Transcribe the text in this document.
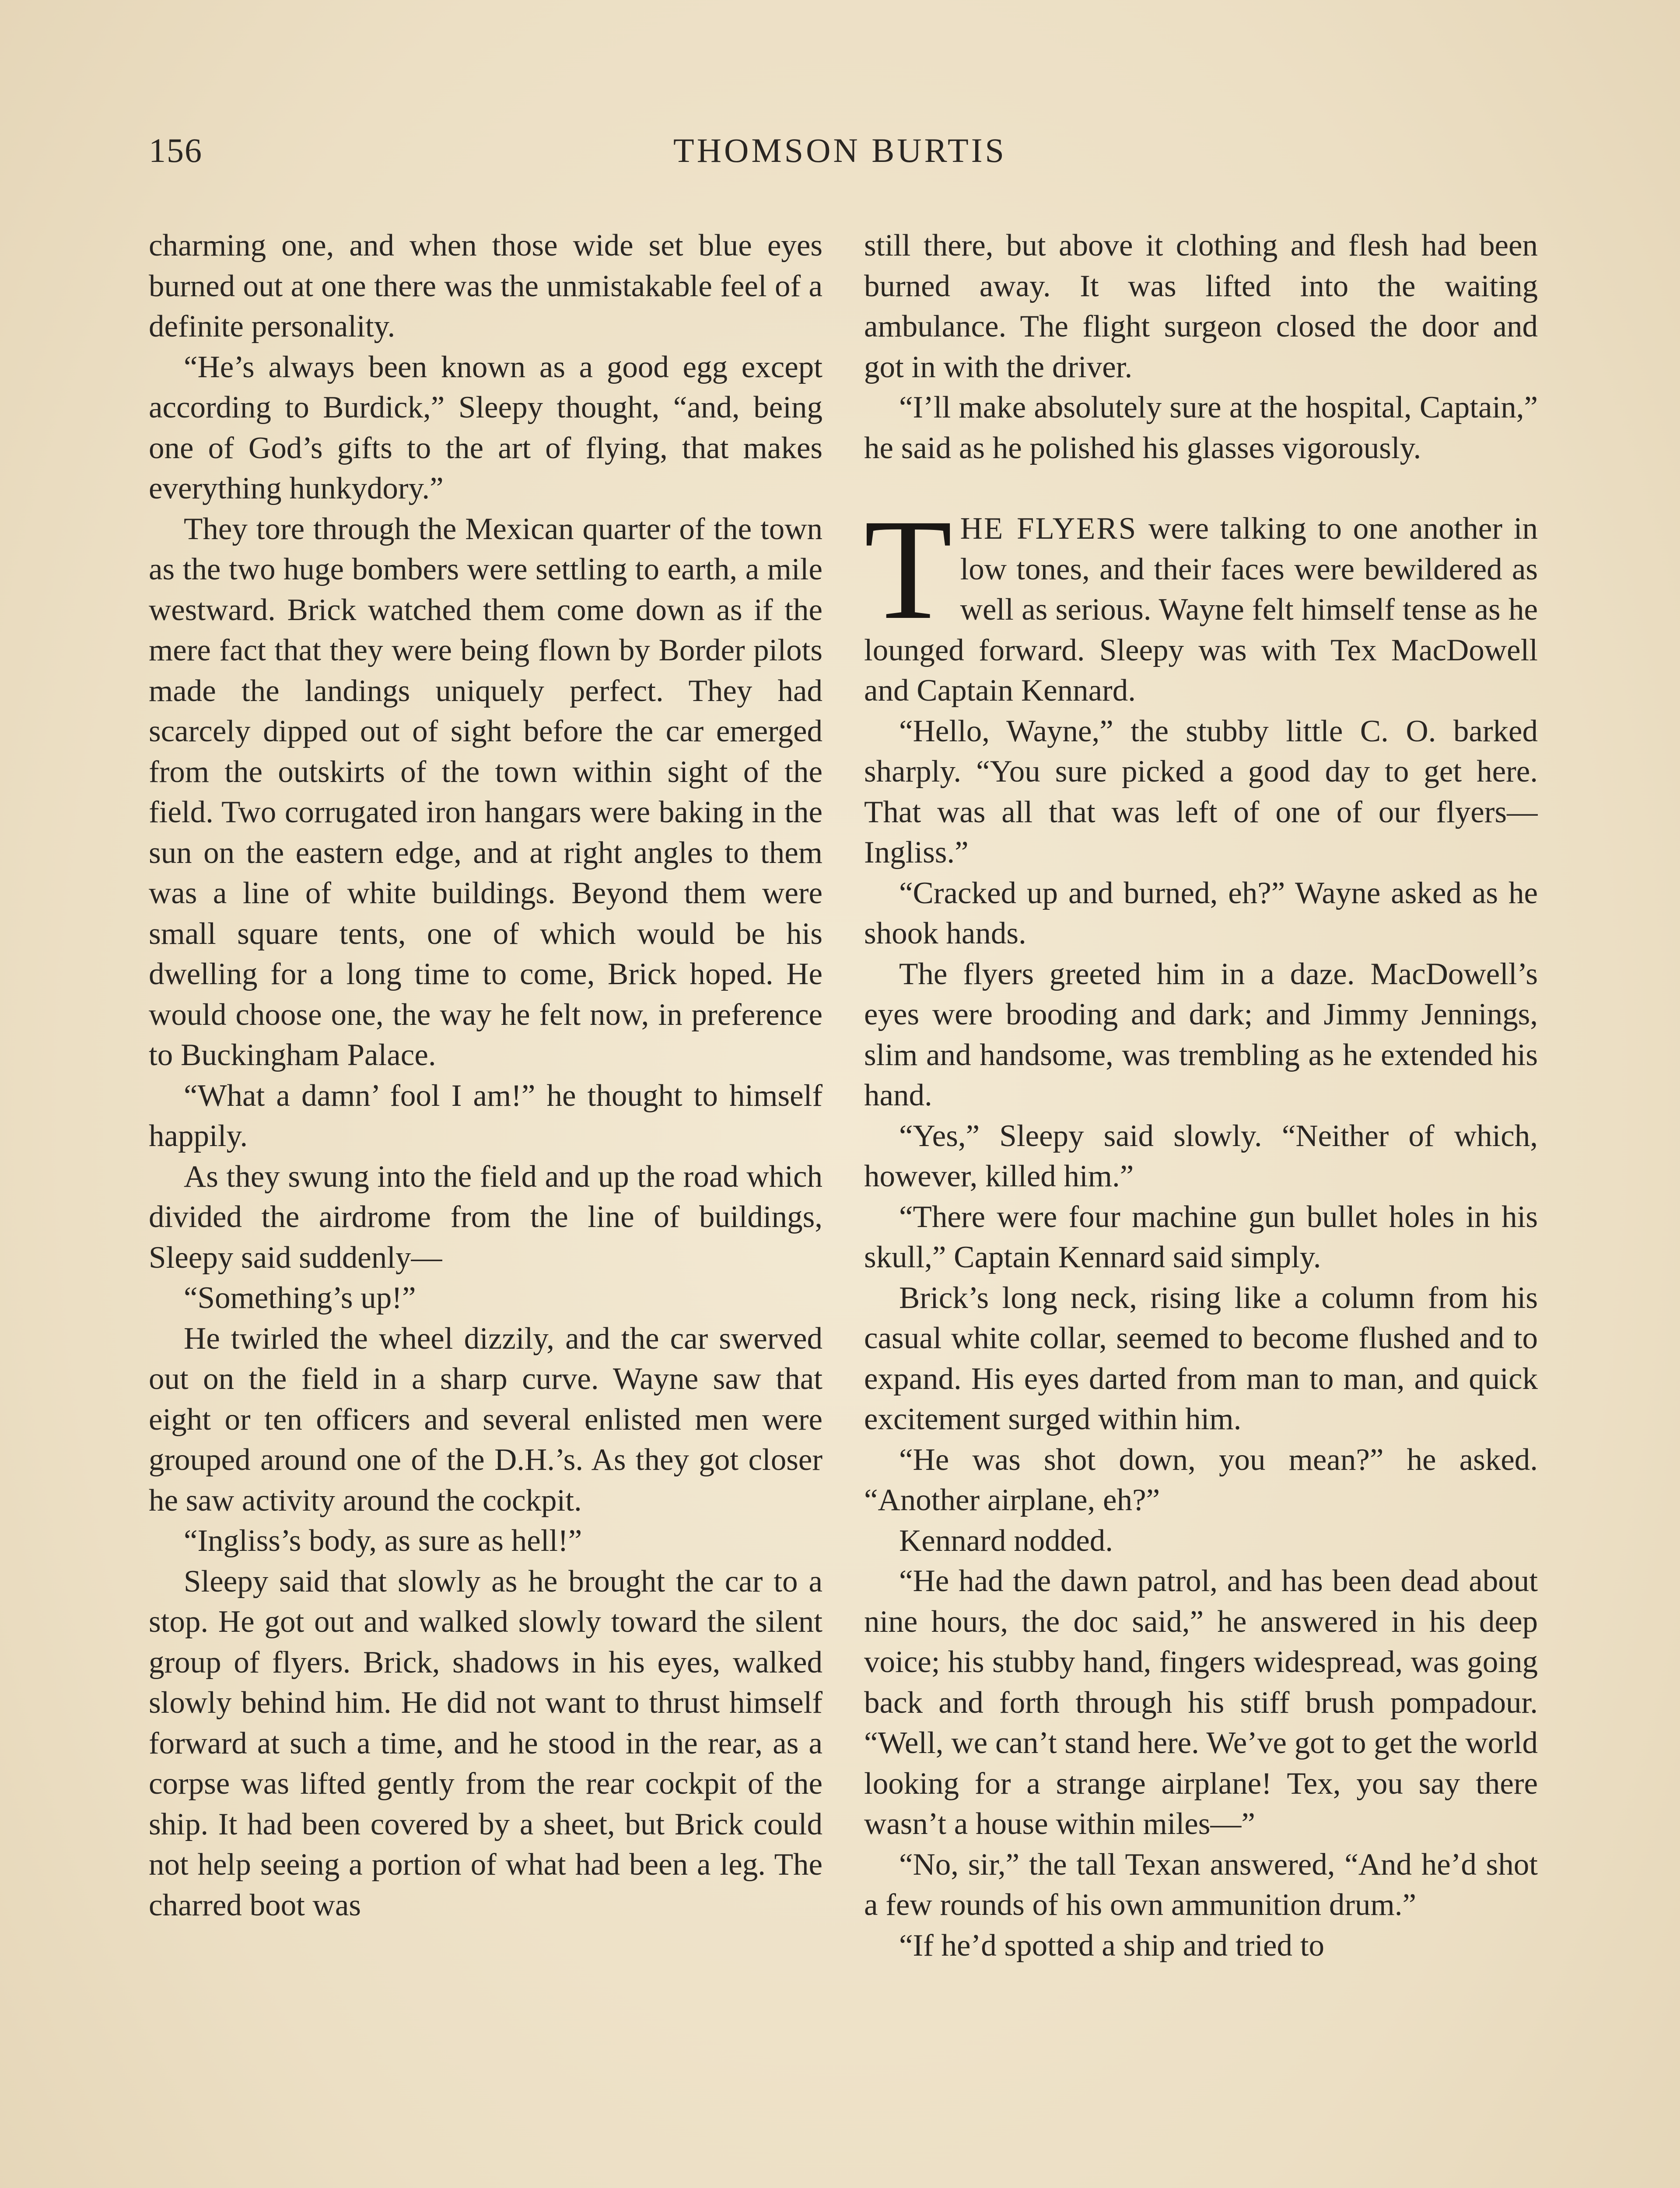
156	THOMSON BURTIS

charming one, and when those wide set blue eyes burned out at one there was the unmistakable feel of a definite personality.

“He’s always been known as a good egg except according to Burdick,” Sleepy thought, “and, being one of God’s gifts to the art of flying, that makes everything hunkydory.”

They tore through the Mexican quarter of the town as the two huge bombers were settling to earth, a mile westward. Brick watched them come down as if the mere fact that they were being flown by Border pilots made the landings uniquely perfect. They had scarcely dipped out of sight before the car emerged from the outskirts of the town within sight of the field. Two corrugated iron hangars were baking in the sun on the eastern edge, and at right angles to them was a line of white buildings. Beyond them were small square tents, one of which would be his dwelling for a long time to come, Brick hoped. He would choose one, the way he felt now, in preference to Buckingham Palace.

“What a damn’ fool I am!” he thought to himself happily.

As they swung into the field and up the road which divided the airdrome from the line of buildings, Sleepy said suddenly—

“Something’s up!”

He twirled the wheel dizzily, and the car swerved out on the field in a sharp curve. Wayne saw that eight or ten officers and several enlisted men were grouped around one of the D.H.’s. As they got closer he saw activity around the cockpit.

“Ingliss’s body, as sure as hell!”

Sleepy said that slowly as he brought the car to a stop. He got out and walked slowly toward the silent group of flyers. Brick, shadows in his eyes, walked slowly behind him. He did not want to thrust himself forward at such a time, and he stood in the rear, as a corpse was lifted gently from the rear cockpit of the ship. It had been covered by a sheet, but Brick could not help seeing a portion of what had been a leg. The charred boot was

still there, but above it clothing and flesh had been burned away. It was lifted into the waiting ambulance. The flight surgeon closed the door and got in with the driver.

“I’ll make absolutely sure at the hospital, Captain,” he said as he polished his glasses vigorously.

THE FLYERS were talking to one another in low tones, and their faces were bewildered as well as serious. Wayne felt himself tense as he lounged forward. Sleepy was with Tex MacDowell and Captain Kennard.

“Hello, Wayne,” the stubby little C. O. barked sharply. “You sure picked a good day to get here. That was all that was left of one of our flyers—Ingliss.”

“Cracked up and burned, eh?” Wayne asked as he shook hands.

The flyers greeted him in a daze. MacDowell’s eyes were brooding and dark; and Jimmy Jennings, slim and handsome, was trembling as he extended his hand.

“Yes,” Sleepy said slowly. “Neither of which, however, killed him.”

“There were four machine gun bullet holes in his skull,” Captain Kennard said simply.

Brick’s long neck, rising like a column from his casual white collar, seemed to become flushed and to expand. His eyes darted from man to man, and quick excitement surged within him.

“He was shot down, you mean?” he asked. “Another airplane, eh?”

Kennard nodded.

“He had the dawn patrol, and has been dead about nine hours, the doc said,” he answered in his deep voice; his stubby hand, fingers widespread, was going back and forth through his stiff brush pompadour. “Well, we can’t stand here. We’ve got to get the world looking for a strange airplane! Tex, you say there wasn’t a house within miles—”

“No, sir,” the tall Texan answered, “And he’d shot a few rounds of his own ammunition drum.”

“If he’d spotted a ship and tried to
